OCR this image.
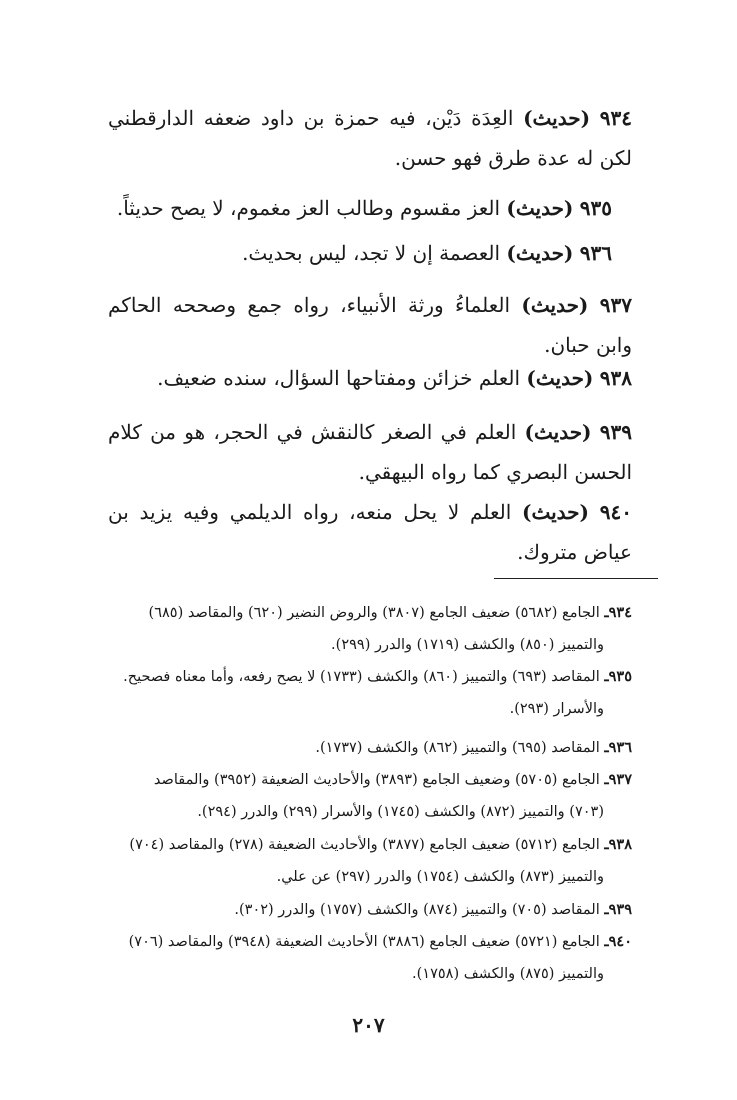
٩٣٤ (حديث) العِدَة دَيْن، فيه حمزة بن داود ضعفه الدارقطني لكن له عدة طرق فهو حسن.
٩٣٥ (حديث) العز مقسوم وطالب العز مغموم، لا يصح حديثاً.
٩٣٦ (حديث) العصمة إن لا تجد، ليس بحديث.
٩٣٧ (حديث) العلماءُ ورثة الأنبياء، رواه جمع وصححه الحاكم وابن حبان.
٩٣٨ (حديث) العلم خزائن ومفتاحها السؤال، سنده ضعيف.
٩٣٩ (حديث) العلم في الصغر كالنقش في الحجر، هو من كلام الحسن البصري كما رواه البيهقي.
٩٤٠ (حديث) العلم لا يحل منعه، رواه الديلمي وفيه يزيد بن عياض متروك.
٩٣٤ـ الجامع (٥٦٨٢) ضعيف الجامع (٣٨٠٧) والروض النضير (٦٢٠) والمقاصد (٦٨٥)
والتمييز (٨٥٠) والكشف (١٧١٩) والدرر (٢٩٩).
٩٣٥ـ المقاصد (٦٩٣) والتمييز (٨٦٠) والكشف (١٧٣٣) لا يصح رفعه، وأما معناه فصحيح.
والأسرار (٢٩٣).
٩٣٦ـ المقاصد (٦٩٥) والتمييز (٨٦٢) والكشف (١٧٣٧).
٩٣٧ـ الجامع (٥٧٠٥) وضعيف الجامع (٣٨٩٣) والأحاديث الضعيفة (٣٩٥٢) والمقاصد
(٧٠٣) والتمييز (٨٧٢) والكشف (١٧٤٥) والأسرار (٢٩٩) والدرر (٢٩٤).
٩٣٨ـ الجامع (٥٧١٢) ضعيف الجامع (٣٨٧٧) والأحاديث الضعيفة (٢٧٨) والمقاصد (٧٠٤)
والتمييز (٨٧٣) والكشف (١٧٥٤) والدرر (٢٩٧) عن علي.
٩٣٩ـ المقاصد (٧٠٥) والتمييز (٨٧٤) والكشف (١٧٥٧) والدرر (٣٠٢).
٩٤٠ـ الجامع (٥٧٢١) ضعيف الجامع (٣٨٨٦) الأحاديث الضعيفة (٣٩٤٨) والمقاصد (٧٠٦)
والتمييز (٨٧٥) والكشف (١٧٥٨).
٢٠٧
